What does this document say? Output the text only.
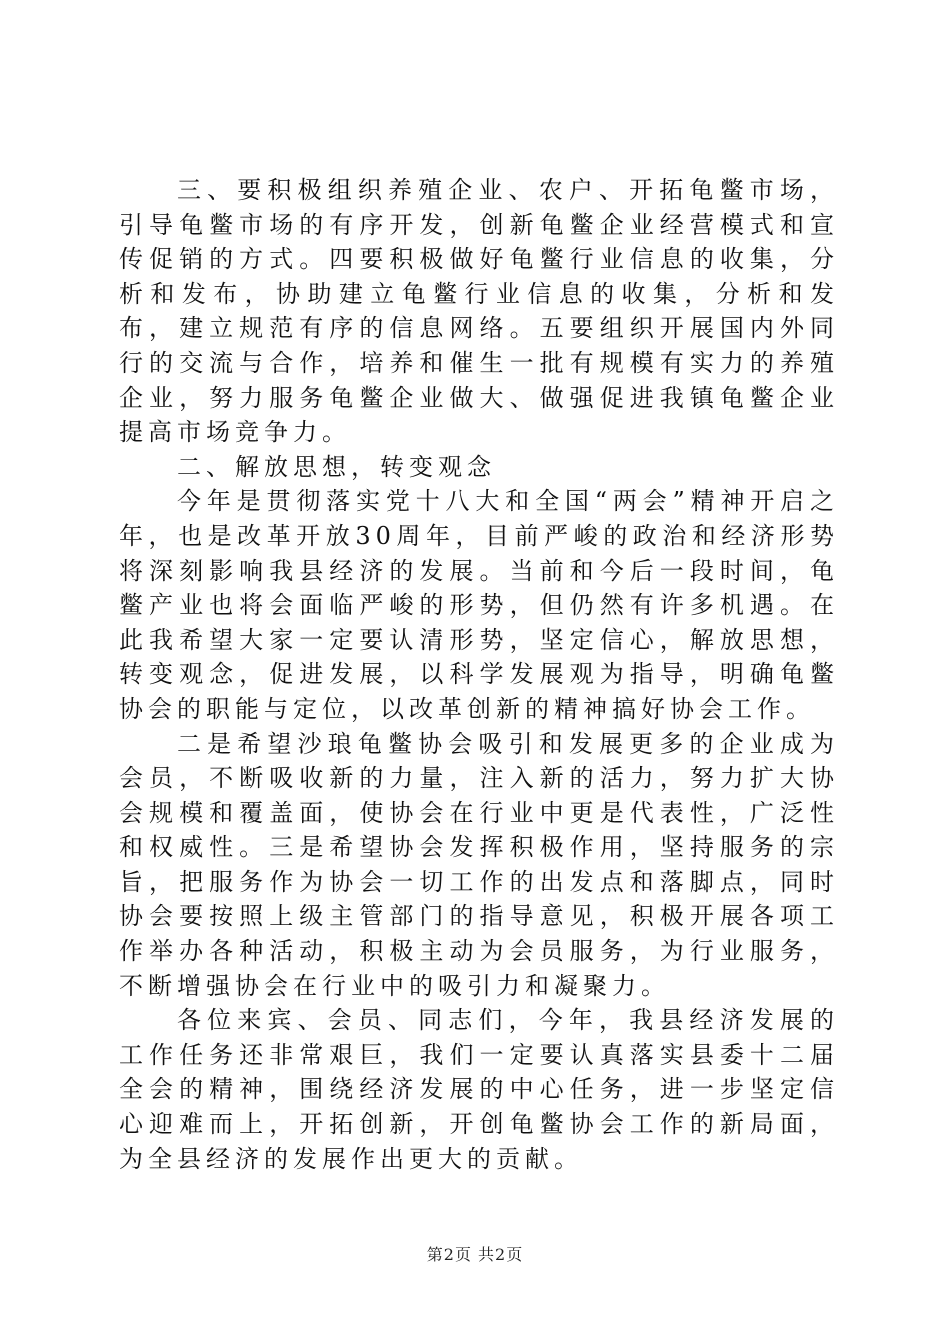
三、要积极组织养殖企业、农户、开拓龟鳖市场，引导龟鳖市场的有序开发，创新龟鳖企业经营模式和宣传促销的方式。四要积极做好龟鳖行业信息的收集，分析和发布，协助建立龟鳖行业信息的收集，分析和发布，建立规范有序的信息网络。五要组织开展国内外同行的交流与合作，培养和催生一批有规模有实力的养殖企业，努力服务龟鳖企业做大、做强促进我镇龟鳖企业提高市场竞争力。

二、解放思想，转变观念

今年是贯彻落实党十八大和全国“两会”精神开启之年，也是改革开放30周年，目前严峻的政治和经济形势将深刻影响我县经济的发展。当前和今后一段时间，龟鳖产业也将会面临严峻的形势，但仍然有许多机遇。在此我希望大家一定要认清形势，坚定信心，解放思想，转变观念，促进发展，以科学发展观为指导，明确龟鳖协会的职能与定位，以改革创新的精神搞好协会工作。

二是希望沙琅龟鳖协会吸引和发展更多的企业成为会员，不断吸收新的力量，注入新的活力，努力扩大协会规模和覆盖面，使协会在行业中更是代表性，广泛性和权威性。三是希望协会发挥积极作用，坚持服务的宗旨，把服务作为协会一切工作的出发点和落脚点，同时协会要按照上级主管部门的指导意见，积极开展各项工作举办各种活动，积极主动为会员服务，为行业服务，不断增强协会在行业中的吸引力和凝聚力。

各位来宾、会员、同志们，今年，我县经济发展的工作任务还非常艰巨，我们一定要认真落实县委十二届全会的精神，围绕经济发展的中心任务，进一步坚定信心迎难而上，开拓创新，开创龟鳖协会工作的新局面，为全县经济的发展作出更大的贡献。

第2页 共2页
